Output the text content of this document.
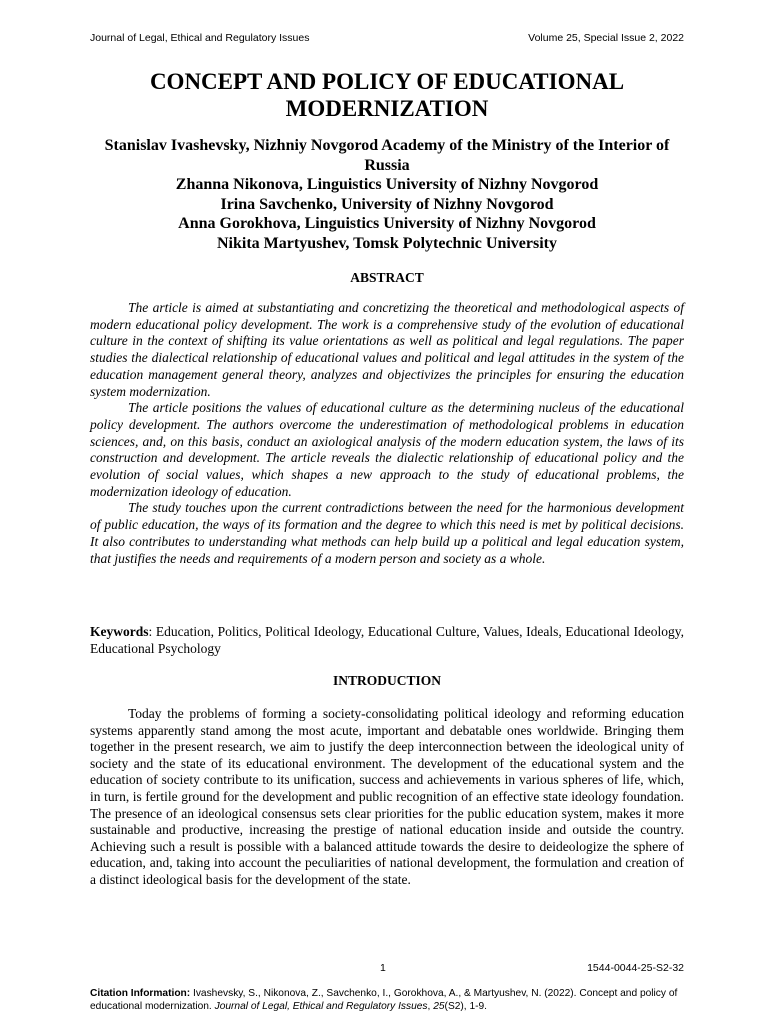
Journal of Legal, Ethical and Regulatory Issues	Volume 25, Special Issue 2, 2022
CONCEPT AND POLICY OF EDUCATIONAL MODERNIZATION
Stanislav Ivashevsky, Nizhniy Novgorod Academy of the Ministry of the Interior of Russia
Zhanna Nikonova, Linguistics University of Nizhny Novgorod
Irina Savchenko, University of Nizhny Novgorod
Anna Gorokhova, Linguistics University of Nizhny Novgorod
Nikita Martyushev, Tomsk Polytechnic University
ABSTRACT

The article is aimed at substantiating and concretizing the theoretical and methodological aspects of modern educational policy development. The work is a comprehensive study of the evolution of educational culture in the context of shifting its value orientations as well as political and legal regulations. The paper studies the dialectical relationship of educational values and political and legal attitudes in the system of the education management general theory, analyzes and objectivizes the principles for ensuring the education system modernization.

The article positions the values of educational culture as the determining nucleus of the educational policy development. The authors overcome the underestimation of methodological problems in education sciences, and, on this basis, conduct an axiological analysis of the modern education system, the laws of its construction and development. The article reveals the dialectic relationship of educational policy and the evolution of social values, which shapes a new approach to the study of educational problems, the modernization ideology of education.

The study touches upon the current contradictions between the need for the harmonious development of public education, the ways of its formation and the degree to which this need is met by political decisions. It also contributes to understanding what methods can help build up a political and legal education system, that justifies the needs and requirements of a modern person and society as a whole.

Keywords: Education, Politics, Political Ideology, Educational Culture, Values, Ideals, Educational Ideology, Educational Psychology

INTRODUCTION

Today the problems of forming a society-consolidating political ideology and reforming education systems apparently stand among the most acute, important and debatable ones worldwide. Bringing them together in the present research, we aim to justify the deep interconnection between the ideological unity of society and the state of its educational environment. The development of the educational system and the education of society contribute to its unification, success and achievements in various spheres of life, which, in turn, is fertile ground for the development and public recognition of an effective state ideology foundation. The presence of an ideological consensus sets clear priorities for the public education system, makes it more sustainable and productive, increasing the prestige of national education inside and outside the country. Achieving such a result is possible with a balanced attitude towards the desire to deideologize the sphere of education, and, taking into account the peculiarities of national development, the formulation and creation of a distinct ideological basis for the development of the state.

1	1544-0044-25-S2-32
Citation Information: Ivashevsky, S., Nikonova, Z., Savchenko, I., Gorokhova, A., & Martyushev, N. (2022). Concept and policy of educational modernization. Journal of Legal, Ethical and Regulatory Issues, 25(S2), 1-9.
